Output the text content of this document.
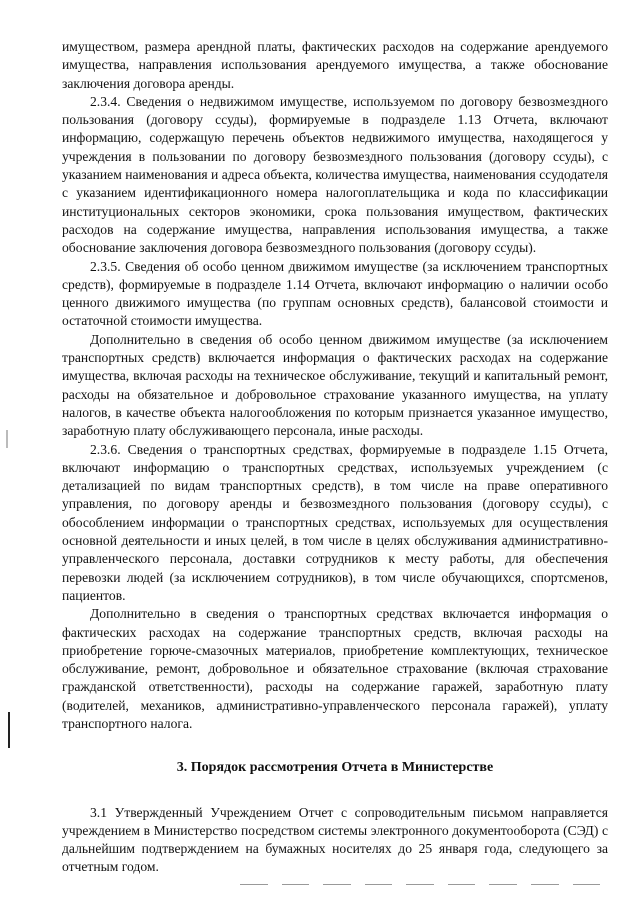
имуществом, размера арендной платы, фактических расходов на содержание арендуемого имущества, направления использования арендуемого имущества, а также обоснование заключения договора аренды.

2.3.4. Сведения о недвижимом имуществе, используемом по договору безвозмездного пользования (договору ссуды), формируемые в подразделе 1.13 Отчета, включают информацию, содержащую перечень объектов недвижимого имущества, находящегося у учреждения в пользовании по договору безвозмездного пользования (договору ссуды), с указанием наименования и адреса объекта, количества имущества, наименования ссудодателя с указанием идентификационного номера налогоплательщика и кода по классификации институциональных секторов экономики, срока пользования имуществом, фактических расходов на содержание имущества, направления использования имущества, а также обоснование заключения договора безвозмездного пользования (договору ссуды).

2.3.5. Сведения об особо ценном движимом имуществе (за исключением транспортных средств), формируемые в подразделе 1.14 Отчета, включают информацию о наличии особо ценного движимого имущества (по группам основных средств), балансовой стоимости и остаточной стоимости имущества.

Дополнительно в сведения об особо ценном движимом имуществе (за исключением транспортных средств) включается информация о фактических расходах на содержание имущества, включая расходы на техническое обслуживание, текущий и капитальный ремонт, расходы на обязательное и добровольное страхование указанного имущества, на уплату налогов, в качестве объекта налогообложения по которым признается указанное имущество, заработную плату обслуживающего персонала, иные расходы.

2.3.6. Сведения о транспортных средствах, формируемые в подразделе 1.15 Отчета, включают информацию о транспортных средствах, используемых учреждением (с детализацией по видам транспортных средств), в том числе на праве оперативного управления, по договору аренды и безвозмездного пользования (договору ссуды), с обособлением информации о транспортных средствах, используемых для осуществления основной деятельности и иных целей, в том числе в целях обслуживания административно-управленческого персонала, доставки сотрудников к месту работы, для обеспечения перевозки людей (за исключением сотрудников), в том числе обучающихся, спортсменов, пациентов.

Дополнительно в сведения о транспортных средствах включается информация о фактических расходах на содержание транспортных средств, включая расходы на приобретение горюче-смазочных материалов, приобретение комплектующих, техническое обслуживание, ремонт, добровольное и обязательное страхование (включая страхование гражданской ответственности), расходы на содержание гаражей, заработную плату (водителей, механиков, административно-управленческого персонала гаражей), уплату транспортного налога.

3. Порядок рассмотрения Отчета в Министерстве

3.1 Утвержденный Учреждением Отчет с сопроводительным письмом направляется учреждением в Министерство посредством системы электронного документооборота (СЭД) с дальнейшим подтверждением на бумажных носителях до 25 января года, следующего за отчетным годом.
